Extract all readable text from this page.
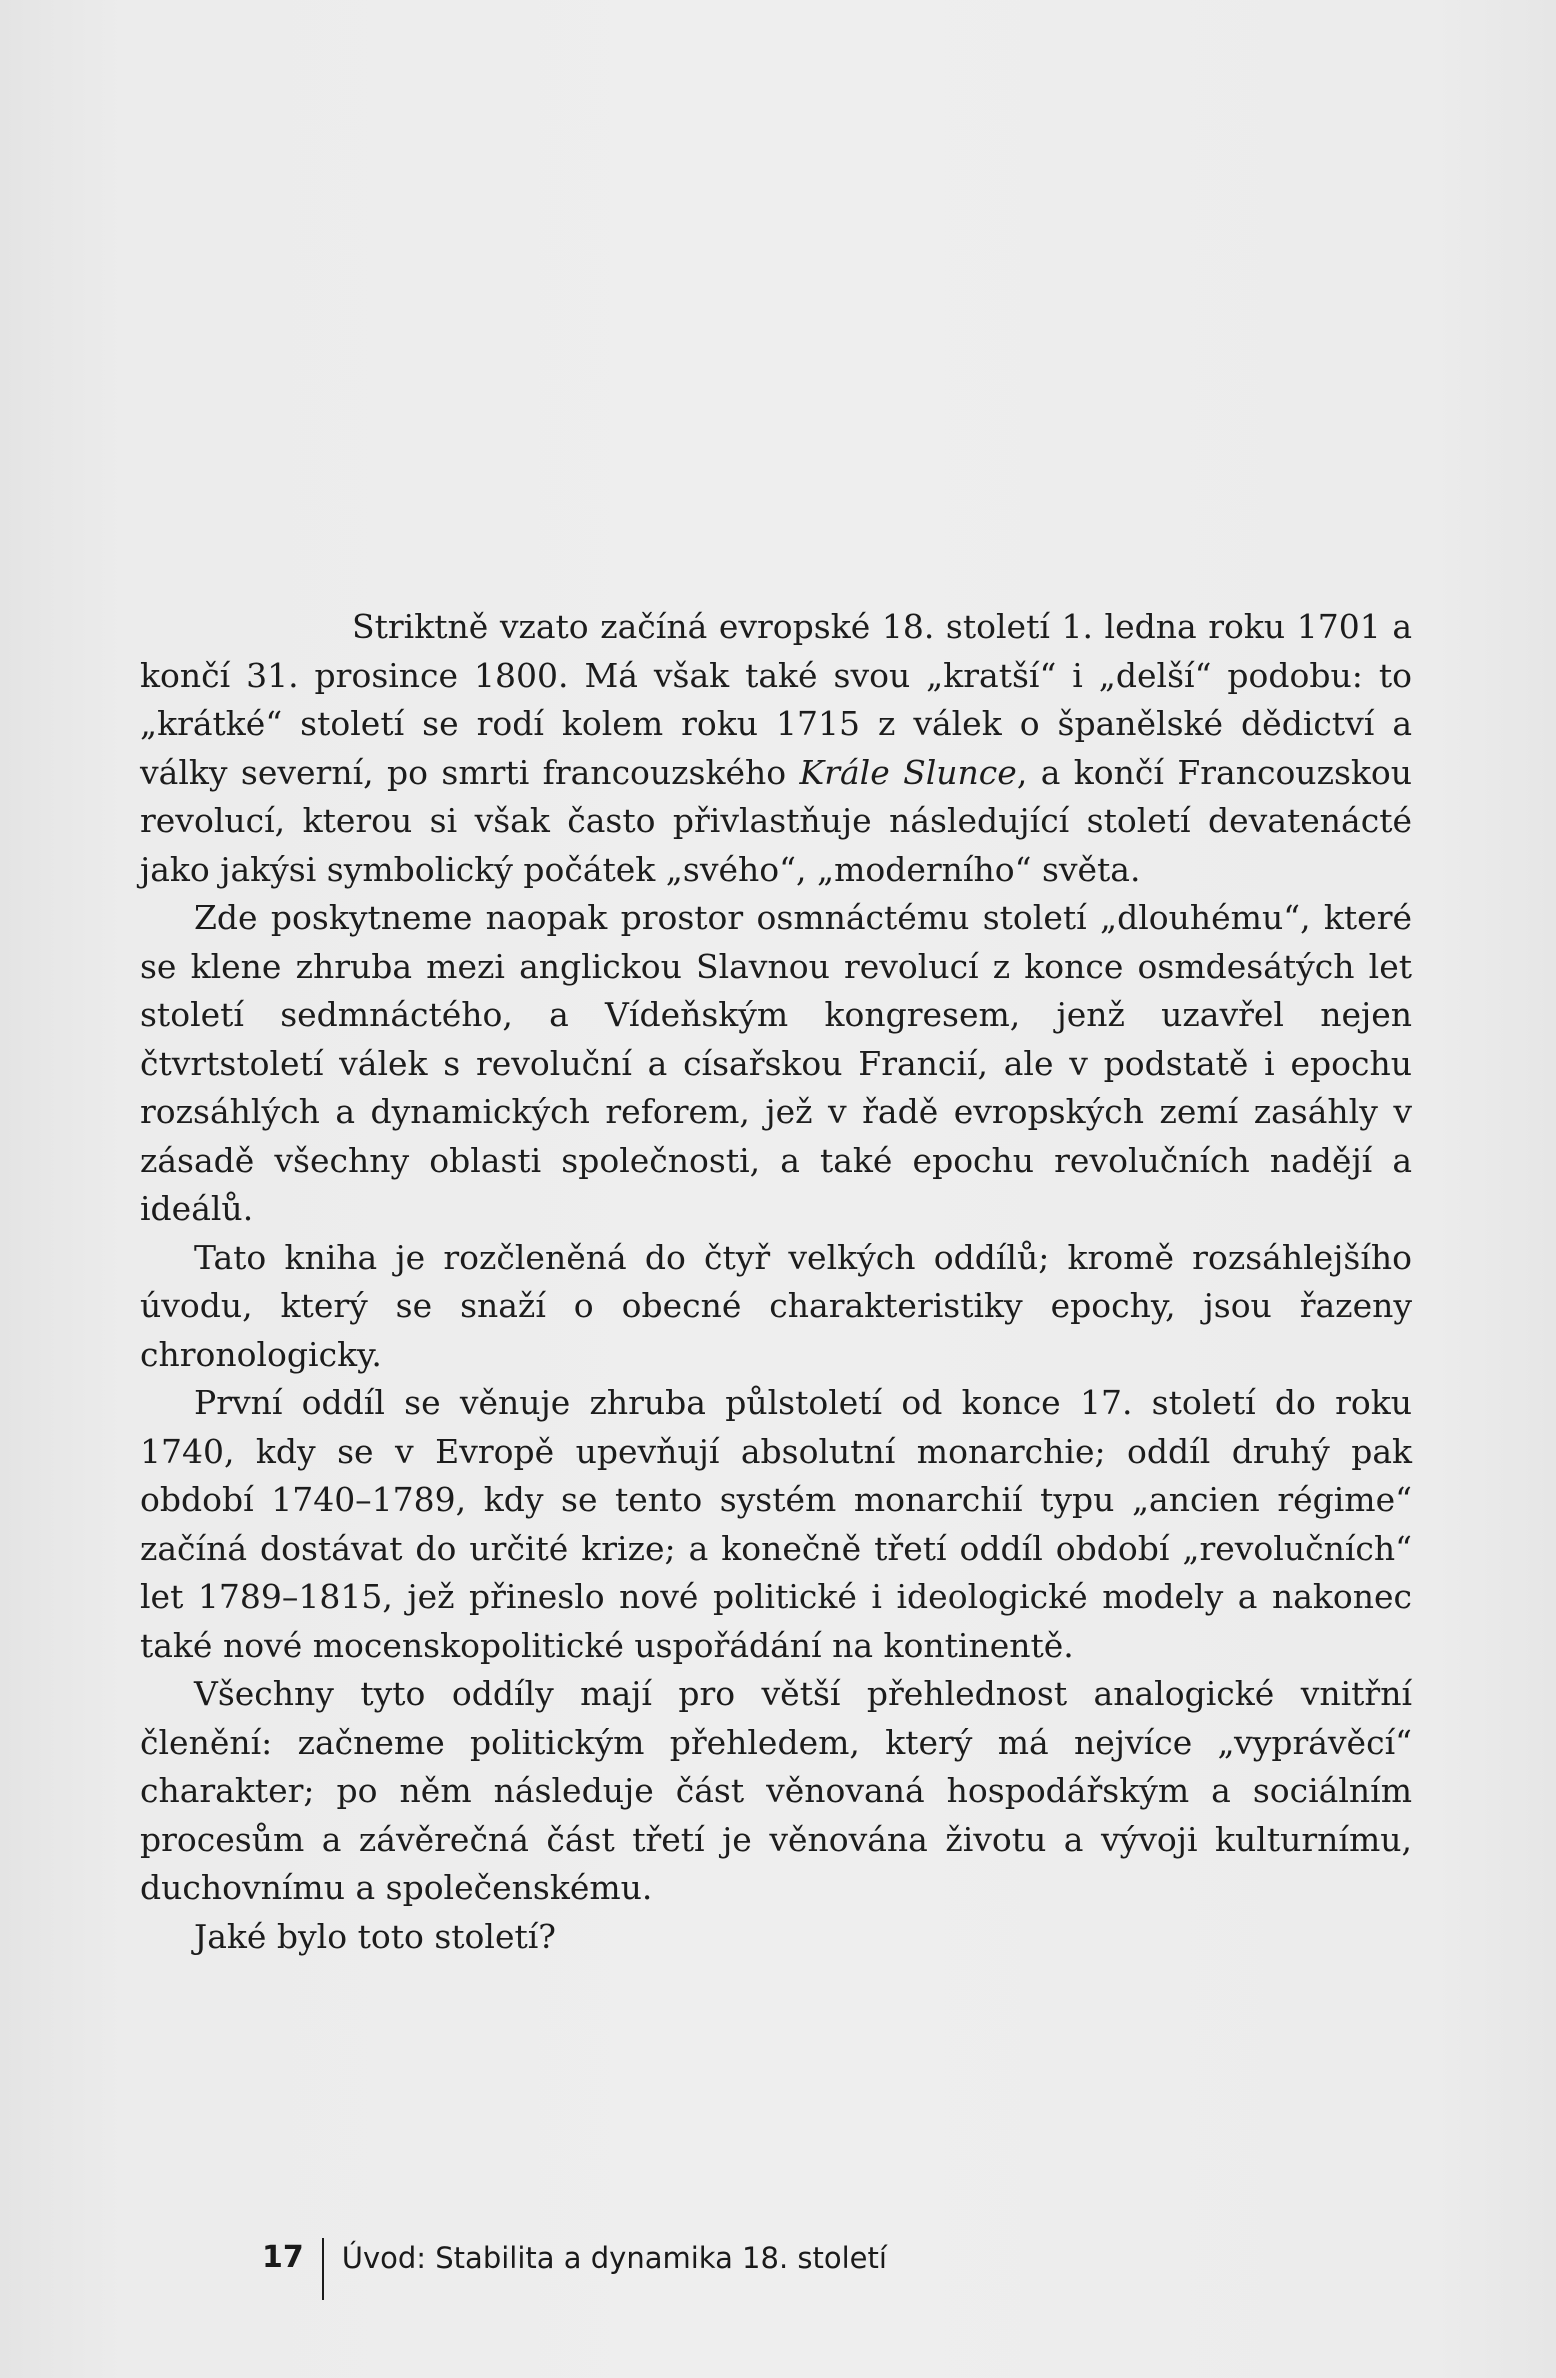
Striktně vzato začíná evropské 18. století 1. ledna roku 1701 a končí 31. prosince 1800. Má však také svou „kratší“ i „delší“ podobu: to „krátké“ století se rodí kolem roku 1715 z válek o španělské dědictví a války severní, po smrti francouzského Krále Slunce, a končí Francouzskou revolucí, kterou si však často přivlastňuje následující století devatenácté jako jakýsi symbolický počátek „svého“, „moderního“ světa.

Zde poskytneme naopak prostor osmnáctému století „dlouhému“, které se klene zhruba mezi anglickou Slavnou revolucí z konce osmdesátých let století sedmnáctého, a Vídeňským kongresem, jenž uzavřel nejen čtvrtstoletí válek s revoluční a císařskou Francií, ale v podstatě i epochu rozsáhlých a dynamických reforem, jež v řadě evropských zemí zasáhly v zásadě všechny oblasti společnosti, a také epochu revolučních nadějí a ideálů.

Tato kniha je rozčleněná do čtyř velkých oddílů; kromě rozsáhlejšího úvodu, který se snaží o obecné charakteristiky epochy, jsou řazeny chronologicky.

První oddíl se věnuje zhruba půlstoletí od konce 17. století do roku 1740, kdy se v Evropě upevňují absolutní monarchie; oddíl druhý pak období 1740–1789, kdy se tento systém monarchií typu „ancien régime“ začíná dostávat do určité krize; a konečně třetí oddíl období „revolučních“ let 1789–1815, jež přineslo nové politické i ideologické modely a nakonec také nové mocenskopolitické uspořádání na kontinentě.

Všechny tyto oddíly mají pro větší přehlednost analogické vnitřní členění: začneme politickým přehledem, který má nejvíce „vyprávěcí“ charakter; po něm následuje část věnovaná hospodářským a sociálním procesům a závěrečná část třetí je věnována životu a vývoji kulturnímu, duchovnímu a společenskému.

Jaké bylo toto století?

17 Úvod: Stabilita a dynamika 18. století
